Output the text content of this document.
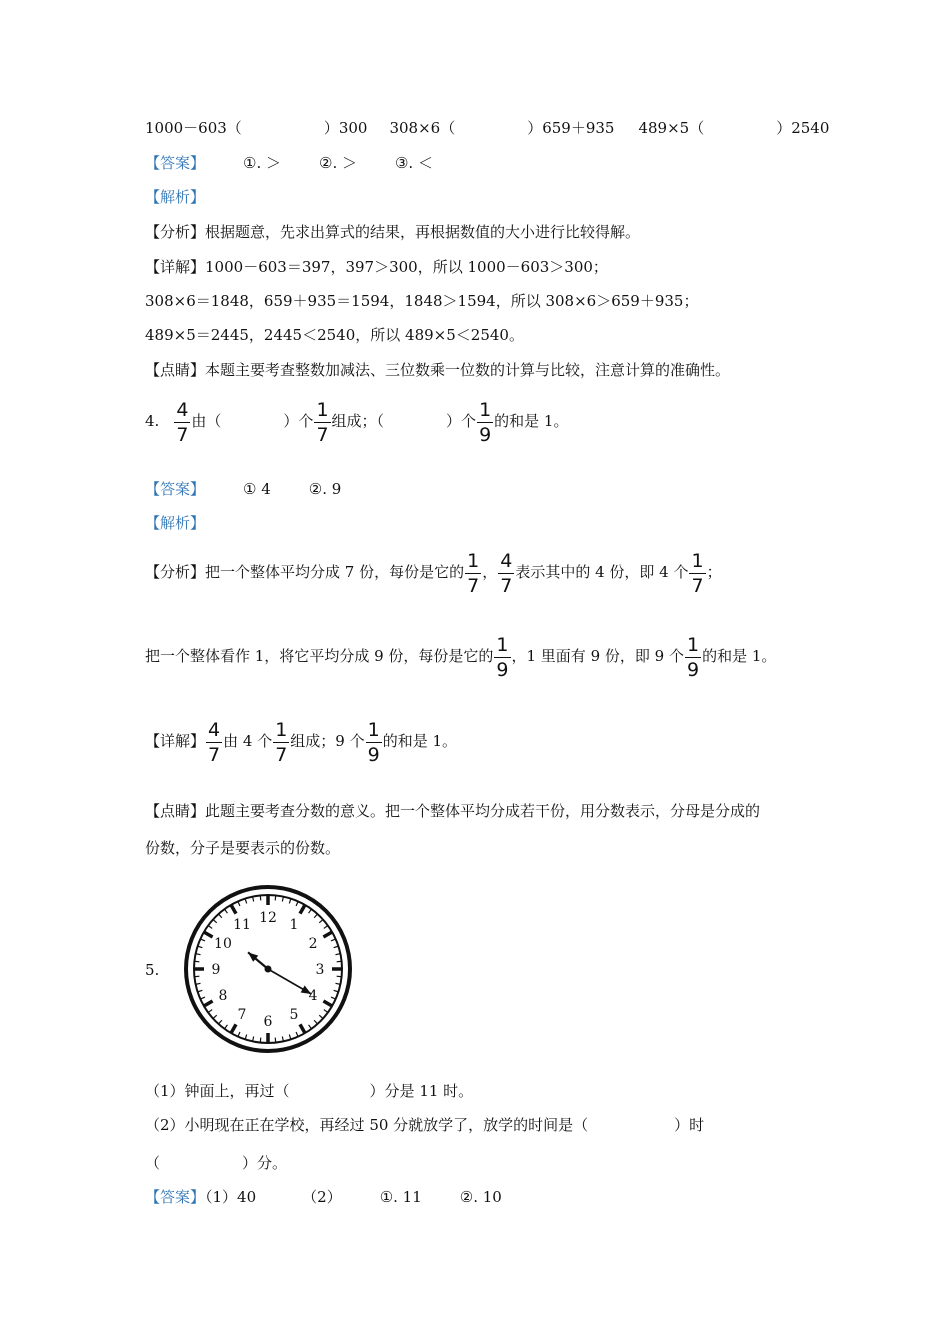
1000－603（	）300 308×6（	）659＋935 489×5（	）2540
【答案】	①. ＞	②. ＞	③. ＜
【解析】
【分析】根据题意，先求出算式的结果，再根据数值的大小进行比较得解。
【详解】1000－603＝397，397＞300，所以 1000－603＞300；
308×6＝1848，659＋935＝1594，1848＞1594，所以 308×6＞659＋935；
489×5＝2445，2445＜2540，所以 489×5＜2540。
【点睛】本题主要考查整数加减法、三位数乘一位数的计算与比较，注意计算的准确性。
4. $\frac{4}{7}$ 由（	）个 $\frac{1}{7}$ 组成；（	）个 $\frac{1}{9}$ 的和是 1。
【答案】	① 4	②. 9
【解析】
【分析】把一个整体平均分成 7 份，每份是它的 $\frac{1}{7}$ ， $\frac{4}{7}$ 表示其中的 4 份，即 4 个 $\frac{1}{7}$ ；
把一个整体看作 1，将它平均分成 9 份，每份是它的 $\frac{1}{9}$ ，1 里面有 9 份，即 9 个 $\frac{1}{9}$ 的和是 1。
【详解】 $\frac{4}{7}$ 由 4 个 $\frac{1}{7}$ 组成；9 个 $\frac{1}{9}$ 的和是 1。
【点睛】此题主要考查分数的意义。把一个整体平均分成若干份，用分数表示，分母是分成的
份数，分子是要表示的份数。
5.
12 1
2
3
4
5
6
7
8
9
10
11
（1）钟面上，再过（	）分是 11 时。
（2）小明现在正在学校，再经过 50 分就放学了，放学的时间是（	）时
（	）分。
【答案】（1）40	（2）	①. 11	②. 10
